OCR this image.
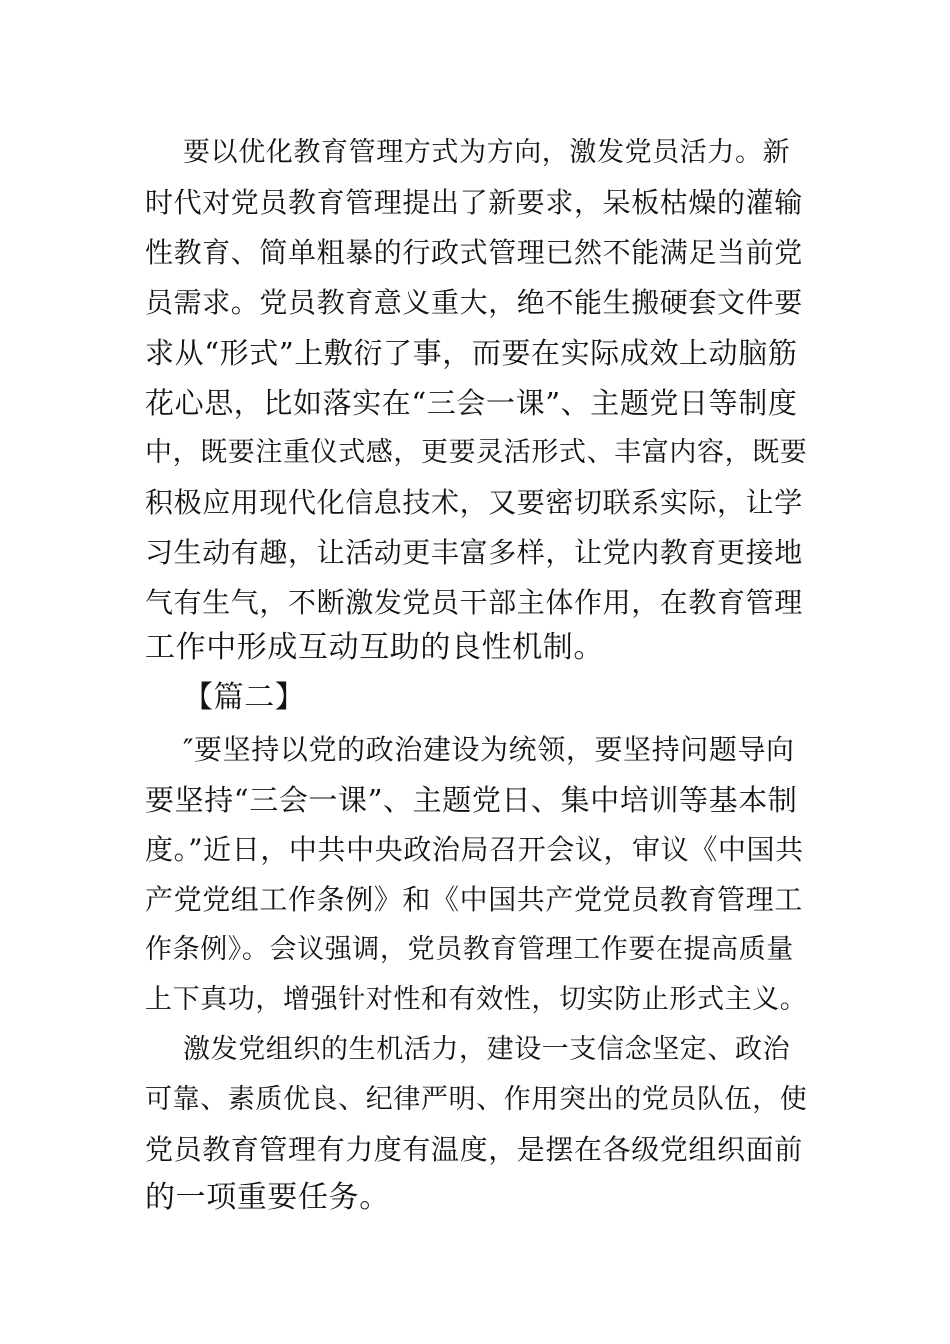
要以优化教育管理方式为方向，激发党员活力。新
时代对党员教育管理提出了新要求，呆板枯燥的灌输
性教育、简单粗暴的行政式管理已然不能满足当前党
员需求。党员教育意义重大，绝不能生搬硬套文件要
求从“形式”上敷衍了事，而要在实际成效上动脑筋
花心思，比如落实在“三会一课”、主题党日等制度
中，既要注重仪式感，更要灵活形式、丰富内容，既要
积极应用现代化信息技术，又要密切联系实际，让学
习生动有趣，让活动更丰富多样，让党内教育更接地
气有生气，不断激发党员干部主体作用，在教育管理
工作中形成互动互助的良性机制。
【篇二】
″要坚持以党的政治建设为统领，要坚持问题导向
要坚持“三会一课”、主题党日、集中培训等基本制
度。”近日，中共中央政治局召开会议，审议《中国共
产党党组工作条例》和《中国共产党党员教育管理工
作条例》。会议强调，党员教育管理工作要在提高质量
上下真功，增强针对性和有效性，切实防止形式主义。
激发党组织的生机活力，建设一支信念坚定、政治
可靠、素质优良、纪律严明、作用突出的党员队伍，使
党员教育管理有力度有温度，是摆在各级党组织面前
的一项重要任务。
